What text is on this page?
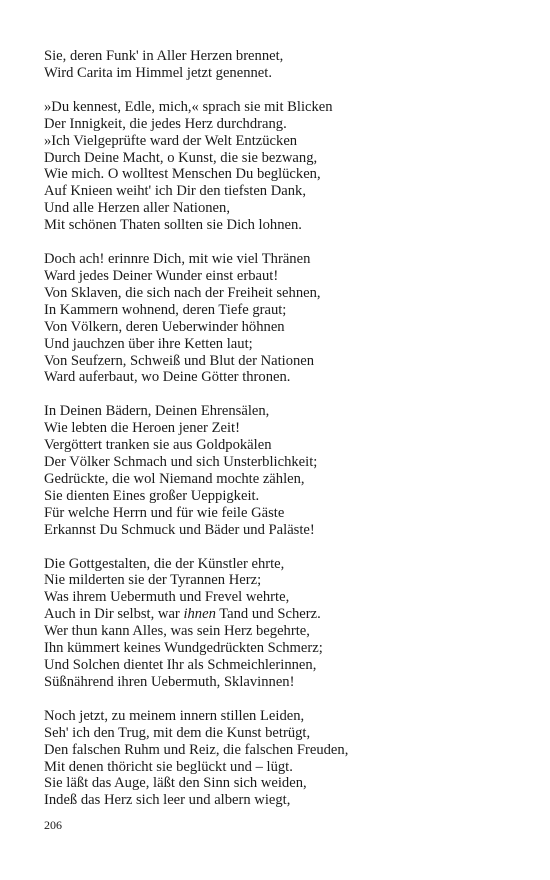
Sie, deren Funk' in Aller Herzen brennet,
Wird Carita im Himmel jetzt genennet.
»Du kennest, Edle, mich,« sprach sie mit Blicken
Der Innigkeit, die jedes Herz durchdrang.
»Ich Vielgeprüfte ward der Welt Entzücken
Durch Deine Macht, o Kunst, die sie bezwang,
Wie mich. O wolltest Menschen Du beglücken,
Auf Knieen weiht' ich Dir den tiefsten Dank,
Und alle Herzen aller Nationen,
Mit schönen Thaten sollten sie Dich lohnen.
Doch ach! erinnre Dich, mit wie viel Thränen
Ward jedes Deiner Wunder einst erbaut!
Von Sklaven, die sich nach der Freiheit sehnen,
In Kammern wohnend, deren Tiefe graut;
Von Völkern, deren Ueberwinder höhnen
Und jauchzen über ihre Ketten laut;
Von Seufzern, Schweiß und Blut der Nationen
Ward auferbaut, wo Deine Götter thronen.
In Deinen Bädern, Deinen Ehrensälen,
Wie lebten die Heroen jener Zeit!
Vergöttert tranken sie aus Goldpokälen
Der Völker Schmach und sich Unsterblichkeit;
Gedrückte, die wol Niemand mochte zählen,
Sie dienten Eines großer Ueppigkeit.
Für welche Herrn und für wie feile Gäste
Erkannst Du Schmuck und Bäder und Paläste!
Die Gottgestalten, die der Künstler ehrte,
Nie milderten sie der Tyrannen Herz;
Was ihrem Uebermuth und Frevel wehrte,
Auch in Dir selbst, war ihnen Tand und Scherz.
Wer thun kann Alles, was sein Herz begehrte,
Ihn kümmert keines Wundgedrückten Schmerz;
Und Solchen dientet Ihr als Schmeichlerinnen,
Süßnährend ihren Uebermuth, Sklavinnen!
Noch jetzt, zu meinem innern stillen Leiden,
Seh' ich den Trug, mit dem die Kunst betrügt,
Den falschen Ruhm und Reiz, die falschen Freuden,
Mit denen thöricht sie beglückt und – lügt.
Sie läßt das Auge, läßt den Sinn sich weiden,
Indeß das Herz sich leer und albern wiegt,
206
